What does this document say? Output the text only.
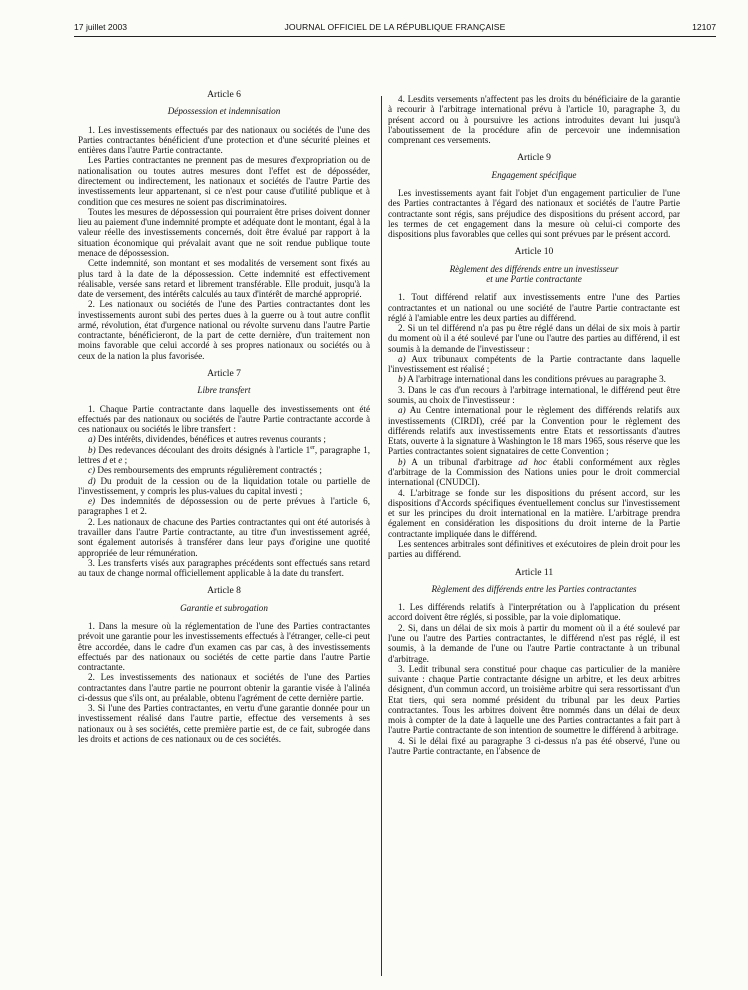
17 juillet 2003	JOURNAL OFFICIEL DE LA RÉPUBLIQUE FRANÇAISE	12107
Article 6
Dépossession et indemnisation

1. Les investissements effectués par des nationaux ou sociétés de l'une des Parties contractantes bénéficient d'une protection et d'une sécurité pleines et entières dans l'autre Partie contractante.

Les Parties contractantes ne prennent pas de mesures d'expropriation ou de nationalisation ou toutes autres mesures dont l'effet est de déposséder, directement ou indirectement, les nationaux et sociétés de l'autre Partie des investissements leur appartenant, si ce n'est pour cause d'utilité publique et à condition que ces mesures ne soient pas discriminatoires.

Toutes les mesures de dépossession qui pourraient être prises doivent donner lieu au paiement d'une indemnité prompte et adéquate dont le montant, égal à la valeur réelle des investissements concernés, doit être évalué par rapport à la situation économique qui prévalait avant que ne soit rendue publique toute menace de dépossession.

Cette indemnité, son montant et ses modalités de versement sont fixés au plus tard à la date de la dépossession. Cette indemnité est effectivement réalisable, versée sans retard et librement transférable. Elle produit, jusqu'à la date de versement, des intérêts calculés au taux d'intérêt de marché approprié.

2. Les nationaux ou sociétés de l'une des Parties contractantes dont les investissements auront subi des pertes dues à la guerre ou à tout autre conflit armé, révolution, état d'urgence national ou révolte survenu dans l'autre Partie contractante, bénéficieront, de la part de cette dernière, d'un traitement non moins favorable que celui accordé à ses propres nationaux ou sociétés ou à ceux de la nation la plus favorisée.

Article 7
Libre transfert

1. Chaque Partie contractante dans laquelle des investissements ont été effectués par des nationaux ou sociétés de l'autre Partie contractante accorde à ces nationaux ou sociétés le libre transfert :

a) Des intérêts, dividendes, bénéfices et autres revenus courants ;

b) Des redevances découlant des droits désignés à l'article 1er, paragraphe 1, lettres d et e ;

c) Des remboursements des emprunts régulièrement contractés ;

d) Du produit de la cession ou de la liquidation totale ou partielle de l'investissement, y compris les plus-values du capital investi ;

e) Des indemnités de dépossession ou de perte prévues à l'article 6, paragraphes 1 et 2.

2. Les nationaux de chacune des Parties contractantes qui ont été autorisés à travailler dans l'autre Partie contractante, au titre d'un investissement agréé, sont également autorisés à transférer dans leur pays d'origine une quotité appropriée de leur rémunération.

3. Les transferts visés aux paragraphes précédents sont effectués sans retard au taux de change normal officiellement applicable à la date du transfert.

Article 8
Garantie et subrogation

1. Dans la mesure où la réglementation de l'une des Parties contractantes prévoit une garantie pour les investissements effectués à l'étranger, celle-ci peut être accordée, dans le cadre d'un examen cas par cas, à des investissements effectués par des nationaux ou sociétés de cette partie dans l'autre Partie contractante.

2. Les investissements des nationaux et sociétés de l'une des Parties contractantes dans l'autre partie ne pourront obtenir la garantie visée à l'alinéa ci-dessus que s'ils ont, au préalable, obtenu l'agrément de cette dernière partie.

3. Si l'une des Parties contractantes, en vertu d'une garantie donnée pour un investissement réalisé dans l'autre partie, effectue des versements à ses nationaux ou à ses sociétés, cette première partie est, de ce fait, subrogée dans les droits et actions de ces nationaux ou de ces sociétés.

4. Lesdits versements n'affectent pas les droits du bénéficiaire de la garantie à recourir à l'arbitrage international prévu à l'article 10, paragraphe 3, du présent accord ou à poursuivre les actions introduites devant lui jusqu'à l'aboutissement de la procédure afin de percevoir une indemnisation comprenant ces versements.

Article 9
Engagement spécifique

Les investissements ayant fait l'objet d'un engagement particulier de l'une des Parties contractantes à l'égard des nationaux et sociétés de l'autre Partie contractante sont régis, sans préjudice des dispositions du présent accord, par les termes de cet engagement dans la mesure où celui-ci comporte des dispositions plus favorables que celles qui sont prévues par le présent accord.

Article 10
Règlement des différends entre un investisseur
et une Partie contractante

1. Tout différend relatif aux investissements entre l'une des Parties contractantes et un national ou une société de l'autre Partie contractante est réglé à l'amiable entre les deux parties au différend.

2. Si un tel différend n'a pas pu être réglé dans un délai de six mois à partir du moment où il a été soulevé par l'une ou l'autre des parties au différend, il est soumis à la demande de l'investisseur :

a) Aux tribunaux compétents de la Partie contractante dans laquelle l'investissement est réalisé ;

b) A l'arbitrage international dans les conditions prévues au paragraphe 3.

3. Dans le cas d'un recours à l'arbitrage international, le différend peut être soumis, au choix de l'investisseur :

a) Au Centre international pour le règlement des différends relatifs aux investissements (CIRDI), créé par la Convention pour le règlement des différends relatifs aux investissements entre Etats et ressortissants d'autres Etats, ouverte à la signature à Washington le 18 mars 1965, sous réserve que les Parties contractantes soient signataires de cette Convention ;

b) A un tribunal d'arbitrage ad hoc établi conformément aux règles d'arbitrage de la Commission des Nations unies pour le droit commercial international (CNUDCI).

4. L'arbitrage se fonde sur les dispositions du présent accord, sur les dispositions d'Accords spécifiques éventuellement conclus sur l'investissement et sur les principes du droit international en la matière. L'arbitrage prendra également en considération les dispositions du droit interne de la Partie contractante impliquée dans le différend.

Les sentences arbitrales sont définitives et exécutoires de plein droit pour les parties au différend.

Article 11
Règlement des différends entre les Parties contractantes

1. Les différends relatifs à l'interprétation ou à l'application du présent accord doivent être réglés, si possible, par la voie diplomatique.

2. Si, dans un délai de six mois à partir du moment où il a été soulevé par l'une ou l'autre des Parties contractantes, le différend n'est pas réglé, il est soumis, à la demande de l'une ou l'autre Partie contractante à un tribunal d'arbitrage.

3. Ledit tribunal sera constitué pour chaque cas particulier de la manière suivante : chaque Partie contractante désigne un arbitre, et les deux arbitres désignent, d'un commun accord, un troisième arbitre qui sera ressortissant d'un Etat tiers, qui sera nommé président du tribunal par les deux Parties contractantes. Tous les arbitres doivent être nommés dans un délai de deux mois à compter de la date à laquelle une des Parties contractantes a fait part à l'autre Partie contractante de son intention de soumettre le différend à arbitrage.

4. Si le délai fixé au paragraphe 3 ci-dessus n'a pas été observé, l'une ou l'autre Partie contractante, en l'absence de
